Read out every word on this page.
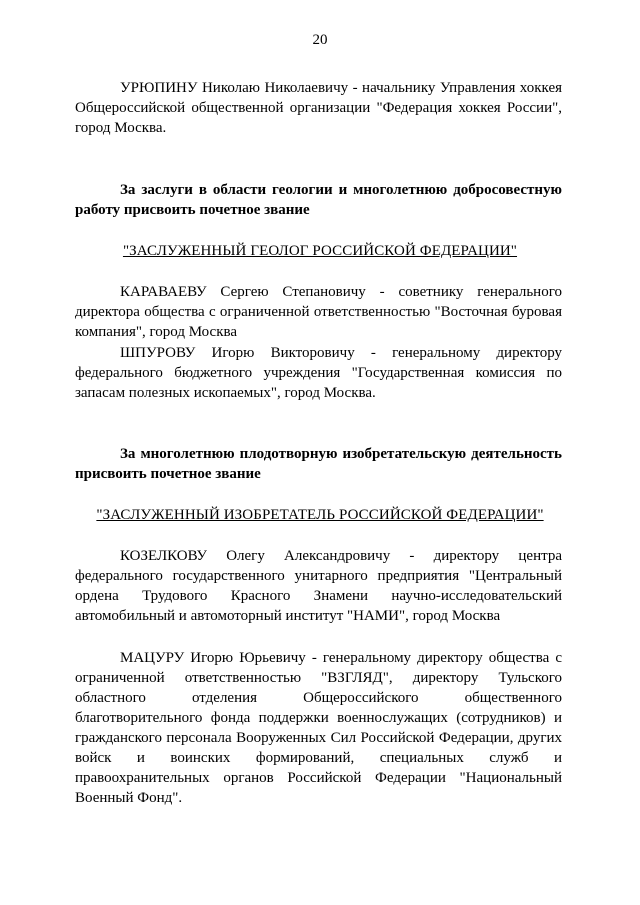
20

УРЮПИНУ Николаю Николаевичу - начальнику Управления хоккея Общероссийской общественной организации "Федерация хоккея России", город Москва.

За заслуги в области геологии и многолетнюю добросовестную работу присвоить почетное звание

"ЗАСЛУЖЕННЫЙ ГЕОЛОГ РОССИЙСКОЙ ФЕДЕРАЦИИ"

КАРАВАЕВУ Сергею Степановичу - советнику генерального директора общества с ограниченной ответственностью "Восточная буровая компания", город Москва

ШПУРОВУ Игорю Викторовичу - генеральному директору федерального бюджетного учреждения "Государственная комиссия по запасам полезных ископаемых", город Москва.

За многолетнюю плодотворную изобретательскую деятельность присвоить почетное звание

"ЗАСЛУЖЕННЫЙ ИЗОБРЕТАТЕЛЬ РОССИЙСКОЙ ФЕДЕРАЦИИ"

КОЗЕЛКОВУ Олегу Александровичу - директору центра федерального государственного унитарного предприятия "Центральный ордена Трудового Красного Знамени научно-исследовательский автомобильный и автомоторный институт "НАМИ", город Москва

МАЦУРУ Игорю Юрьевичу - генеральному директору общества с ограниченной ответственностью "ВЗГЛЯД", директору Тульского областного отделения Общероссийского общественного благотворительного фонда поддержки военнослужащих (сотрудников) и гражданского персонала Вооруженных Сил Российской Федерации, других войск и воинских формирований, специальных служб и правоохранительных органов Российской Федерации "Национальный Военный Фонд".
